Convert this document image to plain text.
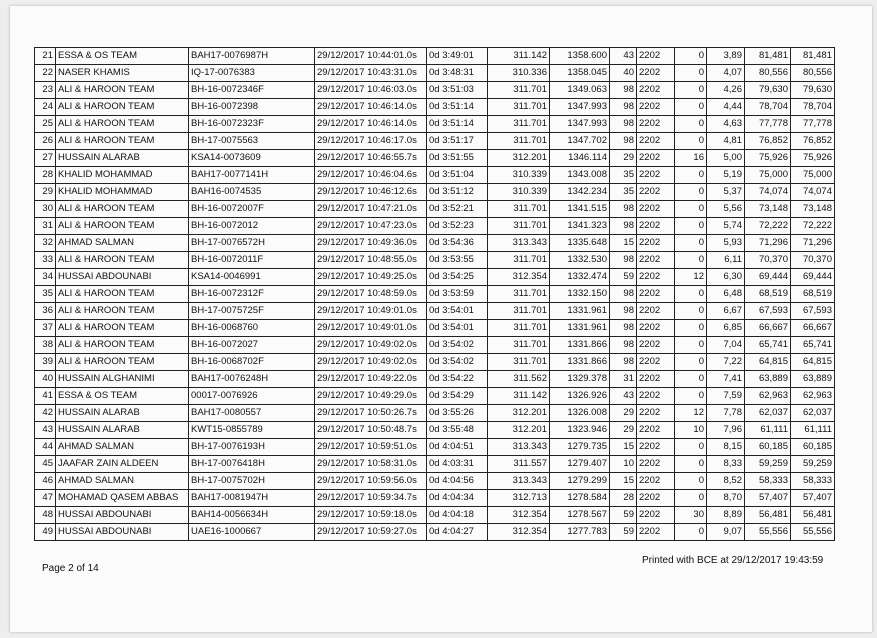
21	ESSA & OS TEAM	BAH17-0076987H	29/12/2017 10:44:01.0s	0d 3:49:01	311.142	1358.600	43	2202	0	3,89	81,481	81,481
22	NASER KHAMIS	IQ-17-0076383	29/12/2017 10:43:31.0s	0d 3:48:31	310.336	1358.045	40	2202	0	4,07	80,556	80,556
23	ALI & HAROON TEAM	BH-16-0072346F	29/12/2017 10:46:03.0s	0d 3:51:03	311.701	1349.063	98	2202	0	4,26	79,630	79,630
24	ALI & HAROON TEAM	BH-16-0072398	29/12/2017 10:46:14.0s	0d 3:51:14	311.701	1347.993	98	2202	0	4,44	78,704	78,704
25	ALI & HAROON TEAM	BH-16-0072323F	29/12/2017 10:46:14.0s	0d 3:51:14	311.701	1347.993	98	2202	0	4,63	77,778	77,778
26	ALI & HAROON TEAM	BH-17-0075563	29/12/2017 10:46:17.0s	0d 3:51:17	311.701	1347.702	98	2202	0	4,81	76,852	76,852
27	HUSSAIN ALARAB	KSA14-0073609	29/12/2017 10:46:55.7s	0d 3:51:55	312.201	1346.114	29	2202	16	5,00	75,926	75,926
28	KHALID MOHAMMAD	BAH17-0077141H	29/12/2017 10:46:04.6s	0d 3:51:04	310.339	1343.008	35	2202	0	5,19	75,000	75,000
29	KHALID MOHAMMAD	BAH16-0074535	29/12/2017 10:46:12.6s	0d 3:51:12	310.339	1342.234	35	2202	0	5,37	74,074	74,074
30	ALI & HAROON TEAM	BH-16-0072007F	29/12/2017 10:47:21.0s	0d 3:52:21	311.701	1341.515	98	2202	0	5,56	73,148	73,148
31	ALI & HAROON TEAM	BH-16-0072012	29/12/2017 10:47:23.0s	0d 3:52:23	311.701	1341.323	98	2202	0	5,74	72,222	72,222
32	AHMAD SALMAN	BH-17-0076572H	29/12/2017 10:49:36.0s	0d 3:54:36	313.343	1335.648	15	2202	0	5,93	71,296	71,296
33	ALI & HAROON TEAM	BH-16-0072011F	29/12/2017 10:48:55.0s	0d 3:53:55	311.701	1332.530	98	2202	0	6,11	70,370	70,370
34	HUSSAI ABDOUNABI	KSA14-0046991	29/12/2017 10:49:25.0s	0d 3:54:25	312.354	1332.474	59	2202	12	6,30	69,444	69,444
35	ALI & HAROON TEAM	BH-16-0072312F	29/12/2017 10:48:59.0s	0d 3:53:59	311.701	1332.150	98	2202	0	6,48	68,519	68,519
36	ALI & HAROON TEAM	BH-17-0075725F	29/12/2017 10:49:01.0s	0d 3:54:01	311.701	1331.961	98	2202	0	6,67	67,593	67,593
37	ALI & HAROON TEAM	BH-16-0068760	29/12/2017 10:49:01.0s	0d 3:54:01	311.701	1331.961	98	2202	0	6,85	66,667	66,667
38	ALI & HAROON TEAM	BH-16-0072027	29/12/2017 10:49:02.0s	0d 3:54:02	311.701	1331.866	98	2202	0	7,04	65,741	65,741
39	ALI & HAROON TEAM	BH-16-0068702F	29/12/2017 10:49:02.0s	0d 3:54:02	311.701	1331.866	98	2202	0	7,22	64,815	64,815
40	HUSSAIN ALGHANIMI	BAH17-0076248H	29/12/2017 10:49:22.0s	0d 3:54:22	311.562	1329.378	31	2202	0	7,41	63,889	63,889
41	ESSA & OS TEAM	00017-0076926	29/12/2017 10:49:29.0s	0d 3:54:29	311.142	1326.926	43	2202	0	7,59	62,963	62,963
42	HUSSAIN ALARAB	BAH17-0080557	29/12/2017 10:50:26.7s	0d 3:55:26	312.201	1326.008	29	2202	12	7,78	62,037	62,037
43	HUSSAIN ALARAB	KWT15-0855789	29/12/2017 10:50:48.7s	0d 3:55:48	312.201	1323.946	29	2202	10	7,96	61,111	61,111
44	AHMAD SALMAN	BH-17-0076193H	29/12/2017 10:59:51.0s	0d 4:04:51	313.343	1279.735	15	2202	0	8,15	60,185	60,185
45	JAAFAR ZAIN ALDEEN	BH-17-0076418H	29/12/2017 10:58:31.0s	0d 4:03:31	311.557	1279.407	10	2202	0	8,33	59,259	59,259
46	AHMAD SALMAN	BH-17-0075702H	29/12/2017 10:59:56.0s	0d 4:04:56	313.343	1279.299	15	2202	0	8,52	58,333	58,333
47	MOHAMAD QASEM ABBAS	BAH17-0081947H	29/12/2017 10:59:34.7s	0d 4:04:34	312.713	1278.584	28	2202	0	8,70	57,407	57,407
48	HUSSAI ABDOUNABI	BAH14-0056634H	29/12/2017 10:59:18.0s	0d 4:04:18	312.354	1278.567	59	2202	30	8,89	56,481	56,481
49	HUSSAI ABDOUNABI	UAE16-1000667	29/12/2017 10:59:27.0s	0d 4:04:27	312.354	1277.783	59	2202	0	9,07	55,556	55,556
Page 2 of 14
Printed with BCE at 29/12/2017 19:43:59
